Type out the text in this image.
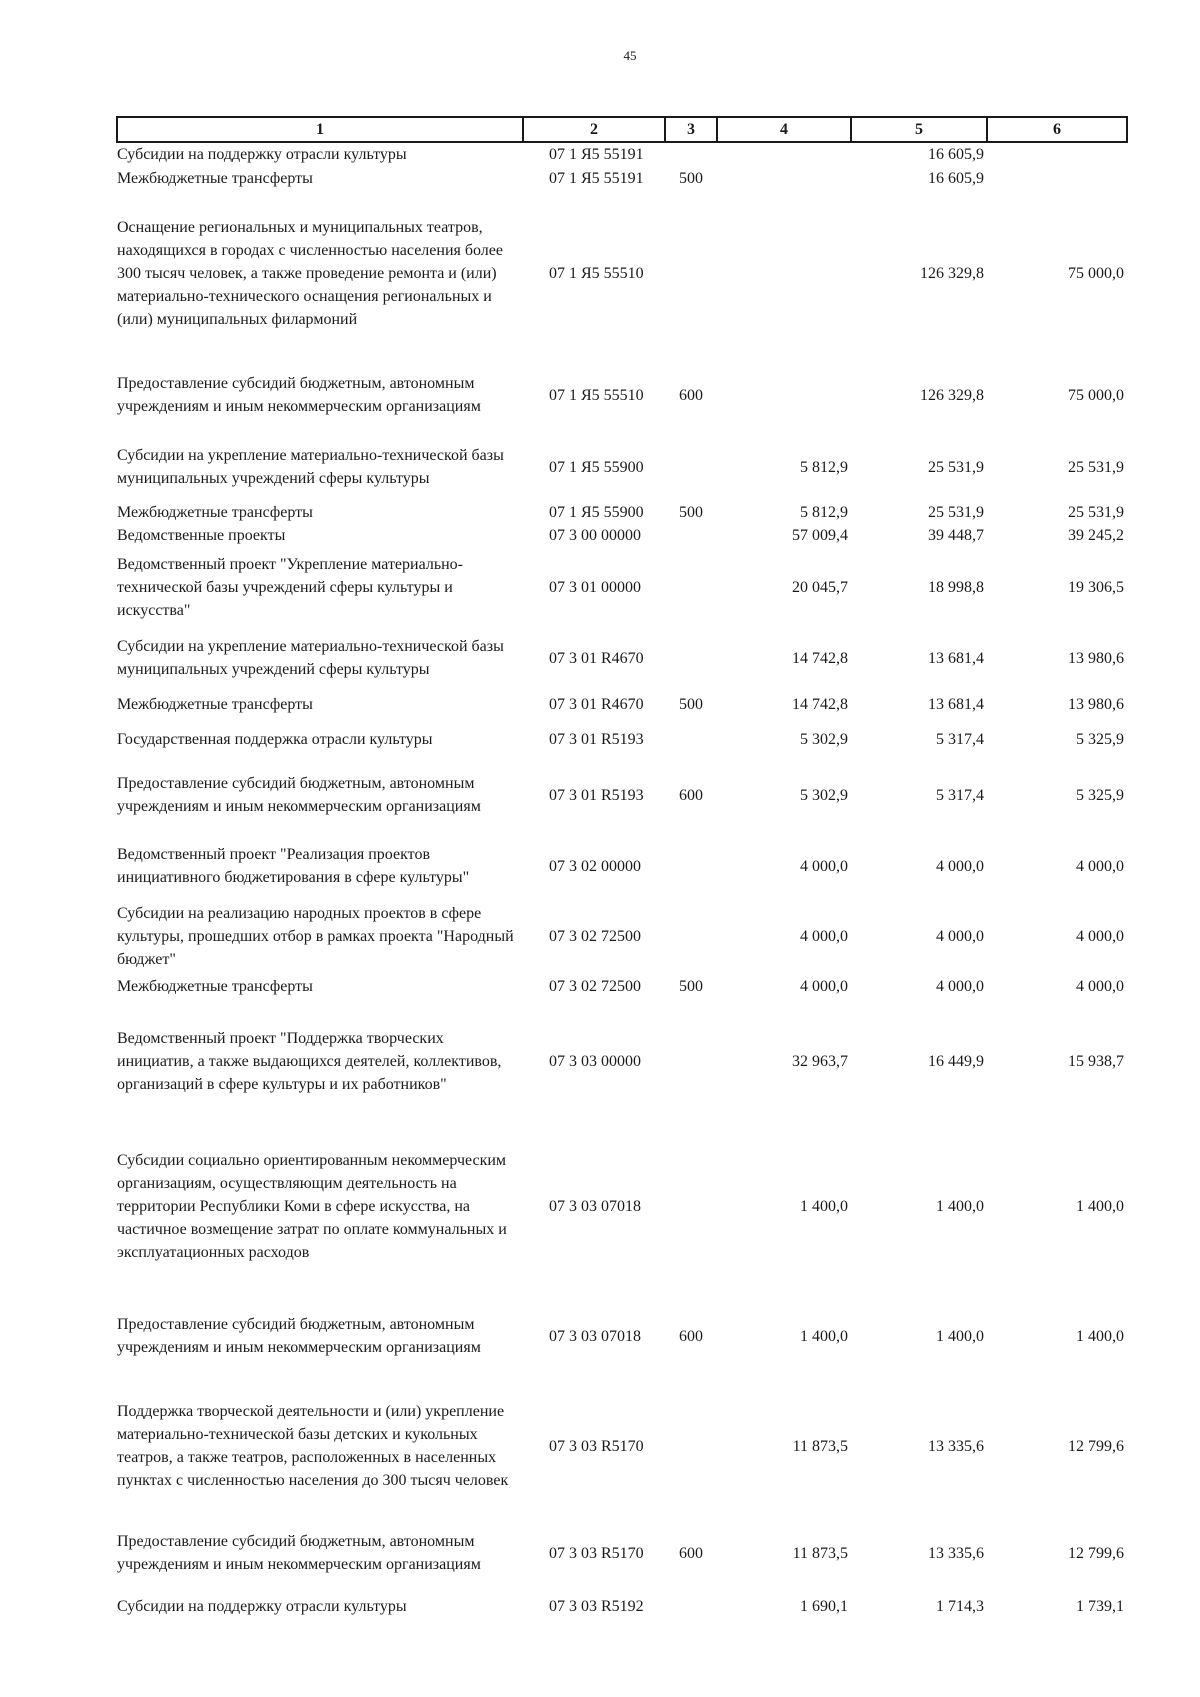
45
1	2	3	4	5	6
Субсидии на поддержку отрасли культуры	07 1 Я5 55191			16 605,9	
Межбюджетные трансферты	07 1 Я5 55191	500		16 605,9	
Оснащение региональных и муниципальных театров, находящихся в городах с численностью населения более 300 тысяч человек, а также проведение ремонта и (или) материально-технического оснащения региональных и (или) муниципальных филармоний	07 1 Я5 55510			126 329,8	75 000,0
Предоставление субсидий бюджетным, автономным учреждениям и иным некоммерческим организациям	07 1 Я5 55510	600		126 329,8	75 000,0
Субсидии на укрепление материально-технической базы муниципальных учреждений сферы культуры	07 1 Я5 55900		5 812,9	25 531,9	25 531,9
Межбюджетные трансферты	07 1 Я5 55900	500	5 812,9	25 531,9	25 531,9
Ведомственные проекты	07 3 00 00000		57 009,4	39 448,7	39 245,2
Ведомственный проект "Укрепление материально-технической базы учреждений сферы культуры и искусства"	07 3 01 00000		20 045,7	18 998,8	19 306,5
Субсидии на укрепление материально-технической базы муниципальных учреждений сферы культуры	07 3 01 R4670		14 742,8	13 681,4	13 980,6
Межбюджетные трансферты	07 3 01 R4670	500	14 742,8	13 681,4	13 980,6
Государственная поддержка отрасли культуры	07 3 01 R5193		5 302,9	5 317,4	5 325,9
Предоставление субсидий бюджетным, автономным учреждениям и иным некоммерческим организациям	07 3 01 R5193	600	5 302,9	5 317,4	5 325,9
Ведомственный проект "Реализация проектов инициативного бюджетирования в сфере культуры"	07 3 02 00000		4 000,0	4 000,0	4 000,0
Субсидии на реализацию народных проектов в сфере культуры, прошедших отбор в рамках проекта "Народный бюджет"	07 3 02 72500		4 000,0	4 000,0	4 000,0
Межбюджетные трансферты	07 3 02 72500	500	4 000,0	4 000,0	4 000,0
Ведомственный проект "Поддержка творческих инициатив, а также выдающихся деятелей, коллективов, организаций в сфере культуры и их работников"	07 3 03 00000		32 963,7	16 449,9	15 938,7
Субсидии социально ориентированным некоммерческим организациям, осуществляющим деятельность на территории Республики Коми в сфере искусства, на частичное возмещение затрат по оплате коммунальных и эксплуатационных расходов	07 3 03 07018		1 400,0	1 400,0	1 400,0
Предоставление субсидий бюджетным, автономным учреждениям и иным некоммерческим организациям	07 3 03 07018	600	1 400,0	1 400,0	1 400,0
Поддержка творческой деятельности и (или) укрепление материально-технической базы детских и кукольных театров, а также театров, расположенных в населенных пунктах с численностью населения до 300 тысяч человек	07 3 03 R5170		11 873,5	13 335,6	12 799,6
Предоставление субсидий бюджетным, автономным учреждениям и иным некоммерческим организациям	07 3 03 R5170	600	11 873,5	13 335,6	12 799,6
Субсидии на поддержку отрасли культуры	07 3 03 R5192		1 690,1	1 714,3	1 739,1
